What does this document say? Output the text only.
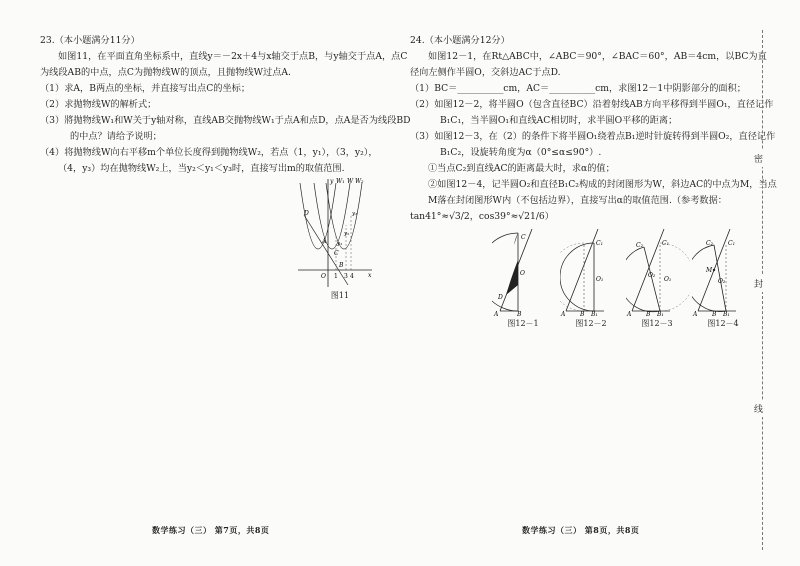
23.（本小题满分11分）

如图11，在平面直角坐标系中，直线y＝－2x＋4与x轴交于点B，与y轴交于点A，点C

为线段AB的中点，点C为抛物线W的顶点，且抛物线W过点A.

（1）求A，B两点的坐标，并直接写出点C的坐标；

（2）求抛物线W的解析式；

（3）將抛物线W₁和W关于y轴对称，直线AB交抛物线W₁于点A和点D，点A是否为线段BD

的中点？请给予说明；

（4）将抛物线W向右平移m个单位长度得到抛物线W₂，若点（1，y₁），（3，y₂），

（4，y₃）均在抛物线W₂上，当y₂＜y₁＜y₃时，直接写出m的取值范围.

W₁ W W₂
D
A
C
O 1 3 4
B
x
y
y₃
y₂
y₁
图11
数学练习（三） 第7页，共8页

24.（本小题满分12分）

如图12－1，在Rt△ABC中，∠ABC＝90°，∠BAC＝60°，AB＝4cm，以BC为直

径向左侧作半圆O，交斜边AC于点D.

（1）BC＝__________cm，AC＝__________cm，求图12－1中阴影部分的面积；

（2）如图12－2，将半圆O（包含直径BC）沿着射线AB方向平移得到半圆O₁，直径记作

B₁C₁，当半圆O₁和直线AC相切时，求半圆O平移的距离；

（3）如图12－3，在（2）的条件下将半圆O₁绕着点B₁逆时针旋转得到半圆O₂，直径记作

B₁C₂，设旋转角度为α（0°≤α≤90°）.

①当点C₂到直线AC的距离最大时，求α的值；

②如图12－4，记半圆O₂和直径B₁C₂构成的封闭图形为W，斜边AC的中点为M，当点

M落在封闭图形W内（不包括边界），直接写出α的取值范围.（参考数据：

tan41°≈√3/2，cos39°≈√21/6）

A	B
D
C
O
图12－1
A B B₁
C₁
O₁
图12－2
A B B₁
C₂	C₁
O₂
O₁
图12－3
A B B₁
C₂	C₁
M
O₂
图12－4
数学练习（三） 第8页，共8页
密
封
线
